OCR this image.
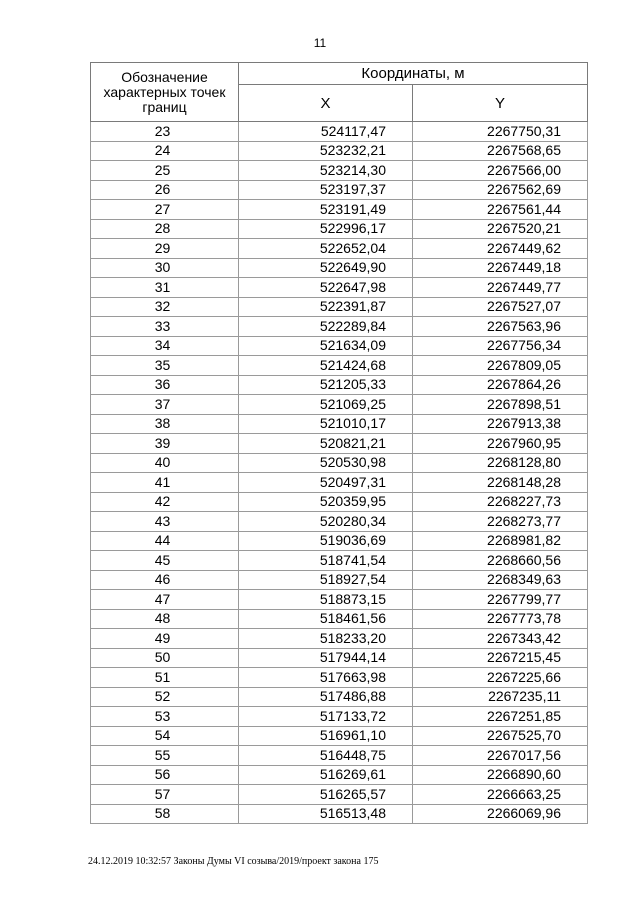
11
Обозначение характерных точек границ	Координаты, м	
	X	Y
23	524117,47	2267750,31
24	523232,21	2267568,65
25	523214,30	2267566,00
26	523197,37	2267562,69
27	523191,49	2267561,44
28	522996,17	2267520,21
29	522652,04	2267449,62
30	522649,90	2267449,18
31	522647,98	2267449,77
32	522391,87	2267527,07
33	522289,84	2267563,96
34	521634,09	2267756,34
35	521424,68	2267809,05
36	521205,33	2267864,26
37	521069,25	2267898,51
38	521010,17	2267913,38
39	520821,21	2267960,95
40	520530,98	2268128,80
41	520497,31	2268148,28
42	520359,95	2268227,73
43	520280,34	2268273,77
44	519036,69	2268981,82
45	518741,54	2268660,56
46	518927,54	2268349,63
47	518873,15	2267799,77
48	518461,56	2267773,78
49	518233,20	2267343,42
50	517944,14	2267215,45
51	517663,98	2267225,66
52	517486,88	2267235,11
53	517133,72	2267251,85
54	516961,10	2267525,70
55	516448,75	2267017,56
56	516269,61	2266890,60
57	516265,57	2266663,25
58	516513,48	2266069,96
24.12.2019 10:32:57 Законы Думы VI созыва/2019/проект закона 175
